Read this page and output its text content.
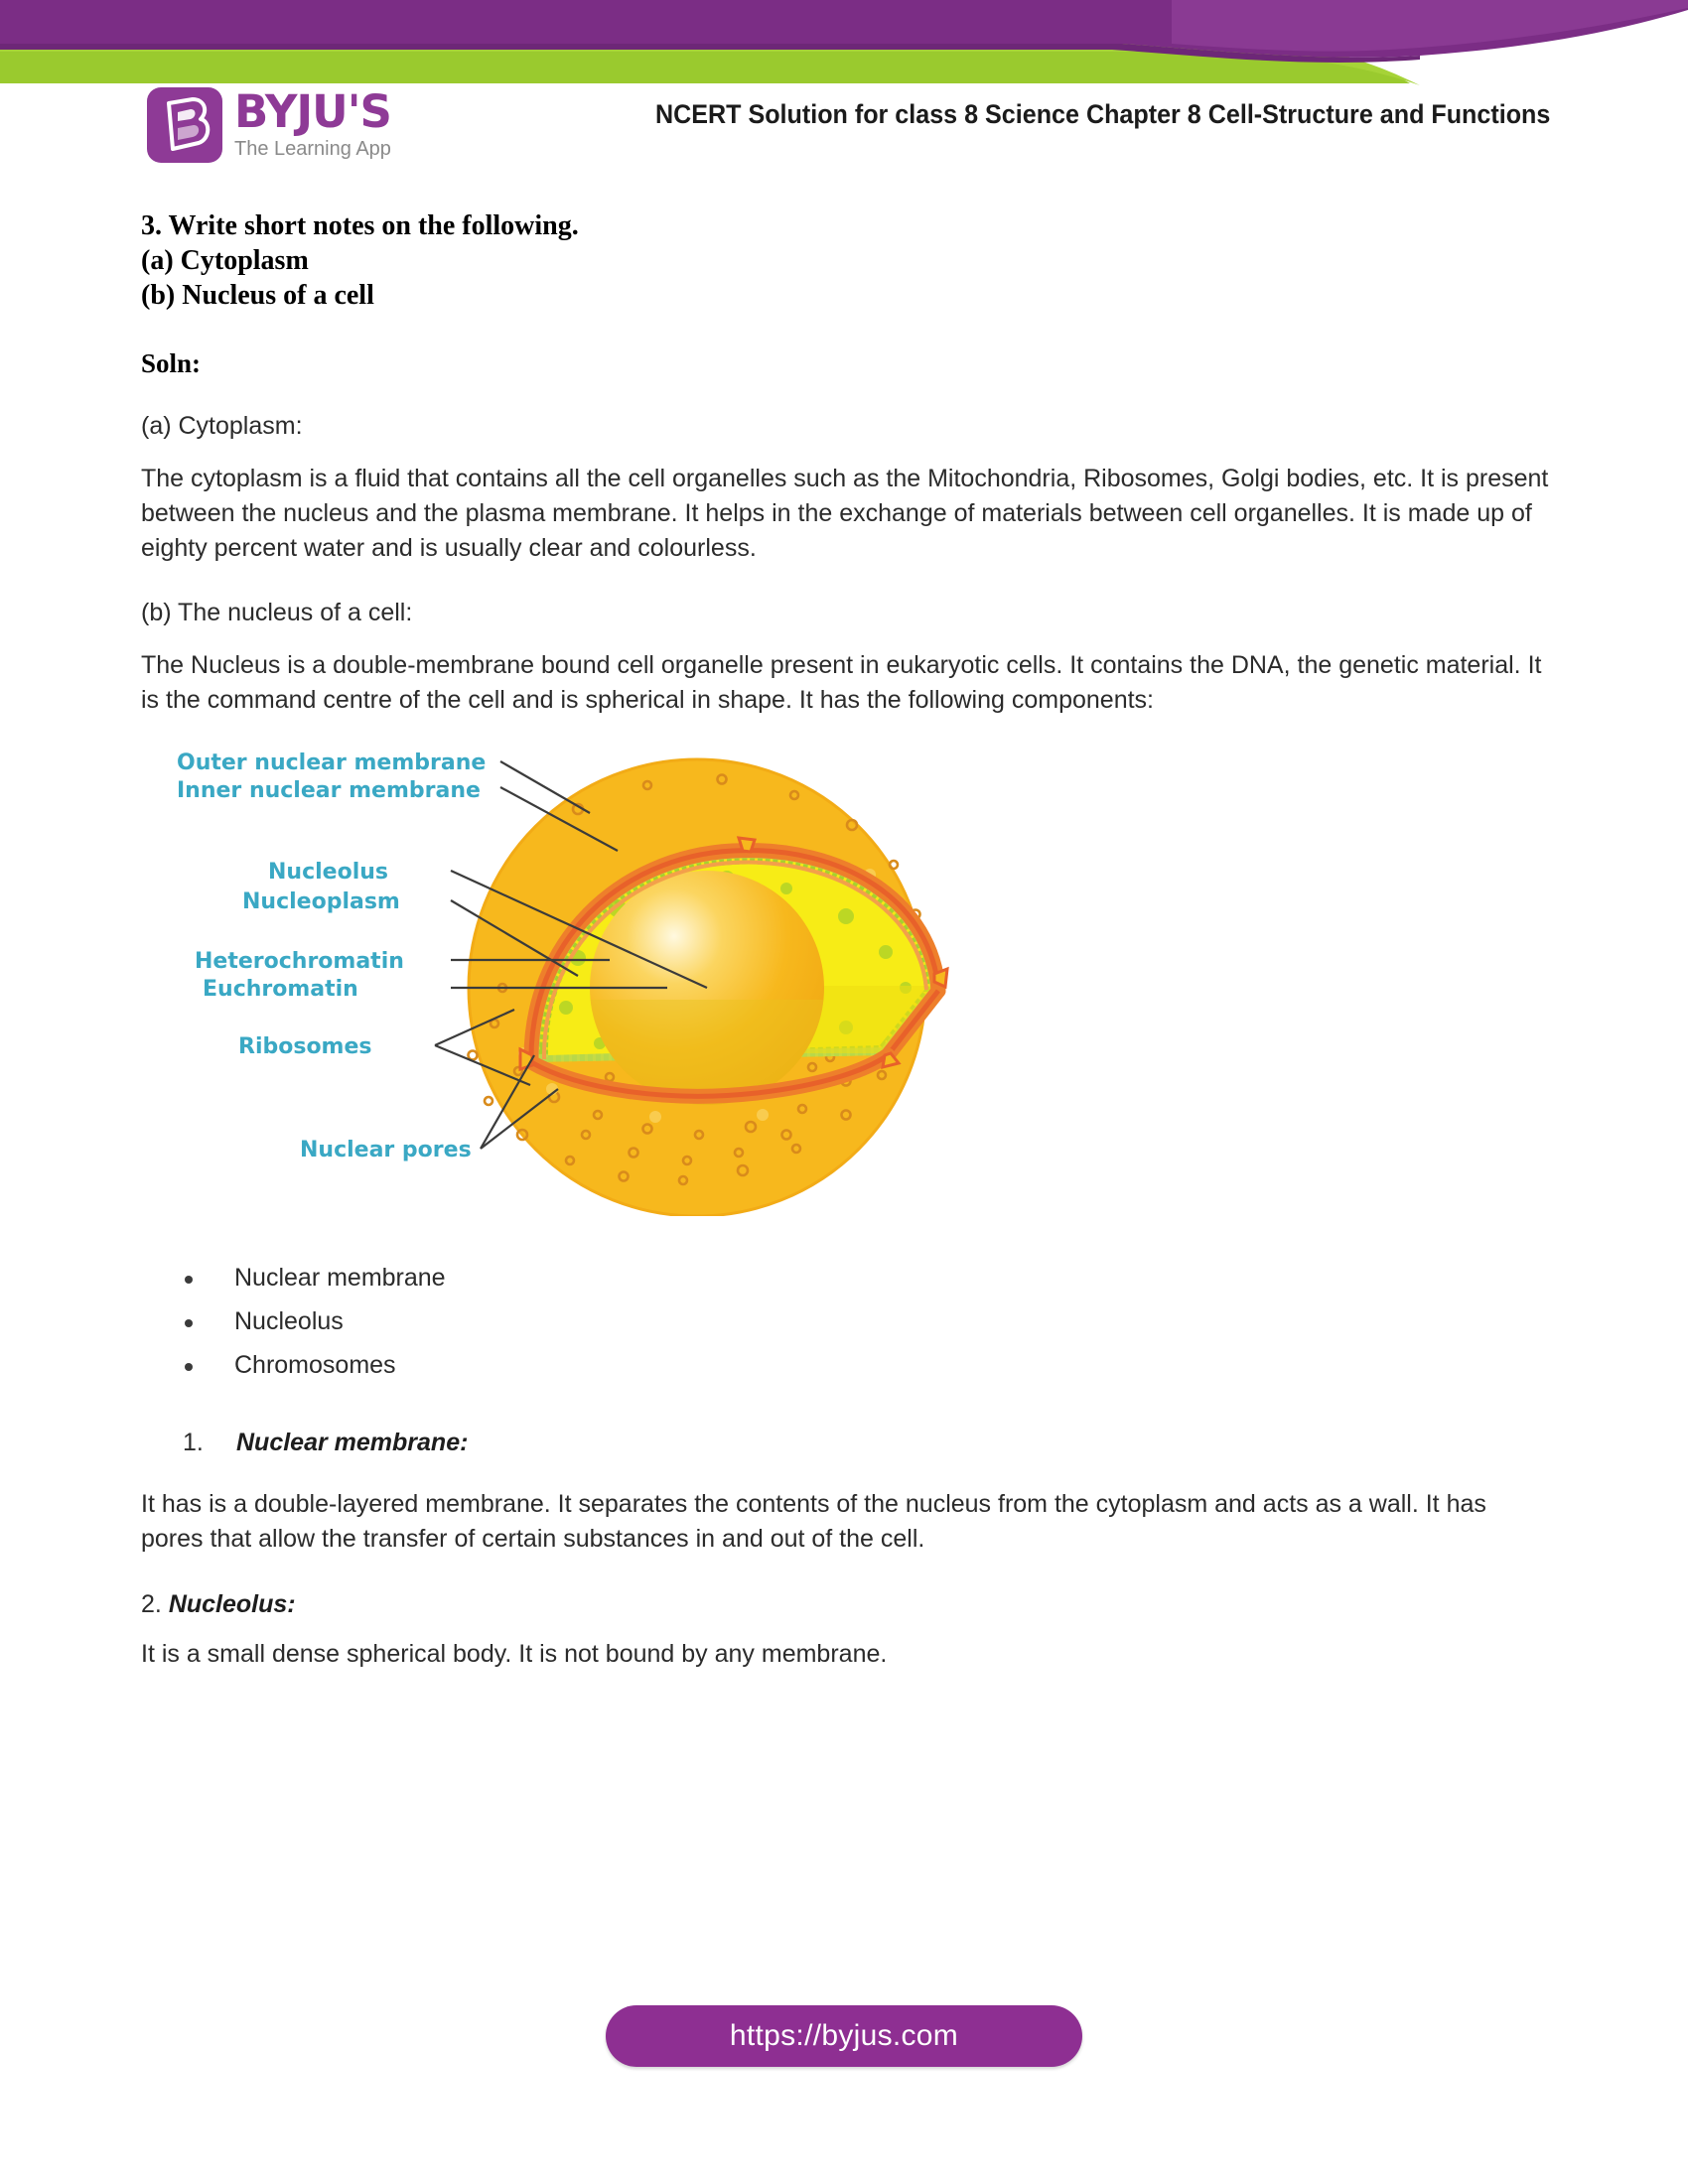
BYJU'S
The Learning App
NCERT Solution for class 8 Science Chapter 8 Cell-Structure and Functions
3. Write short notes on the following.
(a) Cytoplasm
(b) Nucleus of a cell
Soln:
(a) Cytoplasm:
The cytoplasm is a fluid that contains all the cell organelles such as the Mitochondria, Ribosomes, Golgi bodies, etc. It is present between the nucleus and the plasma membrane. It helps in the exchange of materials between cell organelles. It is made up of eighty percent water and is usually clear and colourless.
(b) The nucleus of a cell:
The Nucleus is a double-membrane bound cell organelle present in eukaryotic cells. It contains the DNA, the genetic material. It is the command centre of the cell and is spherical in shape. It has the following components:
Outer nuclear membrane
Inner nuclear membrane
Nucleolus
Nucleoplasm
Heterochromatin
Euchromatin
Ribosomes
Nuclear pores
Nuclear membrane
Nucleolus
Chromosomes
1.	Nuclear membrane:
It has is a double-layered membrane. It separates the contents of the nucleus from the cytoplasm and acts as a wall. It has pores that allow the transfer of certain substances in and out of the cell.
2. Nucleolus:
It is a small dense spherical body. It is not bound by any membrane.
https://byjus.com
